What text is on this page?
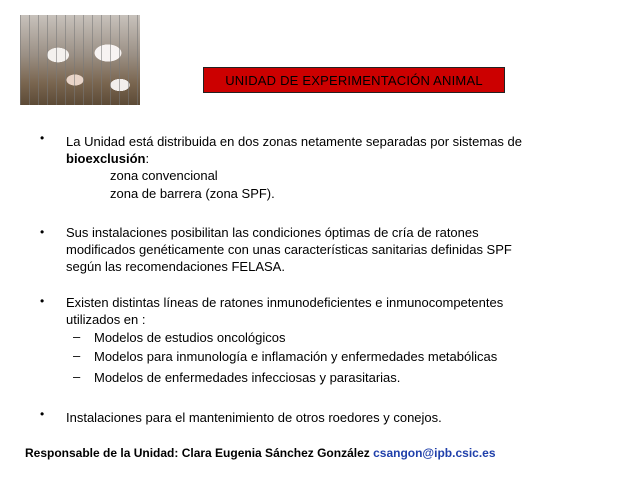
UNIDAD DE EXPERIMENTACIÓN ANIMAL
• La Unidad está distribuida en dos zonas netamente separadas por sistemas de
bioexclusión:
zona convencional
zona de barrera (zona SPF).
• Sus instalaciones posibilitan las condiciones óptimas de cría de ratones
modificados genéticamente con unas características sanitarias definidas SPF
según las recomendaciones FELASA.
• Existen distintas líneas de ratones inmunodeficientes e inmunocompetentes
utilizados en :
– Modelos de estudios oncológicos
– Modelos para inmunología e inflamación y enfermedades metabólicas
– Modelos de enfermedades infecciosas y parasitarias.
• Instalaciones para el mantenimiento de otros roedores y conejos.
Responsable de la Unidad: Clara Eugenia Sánchez González csangon@ipb.csic.es
